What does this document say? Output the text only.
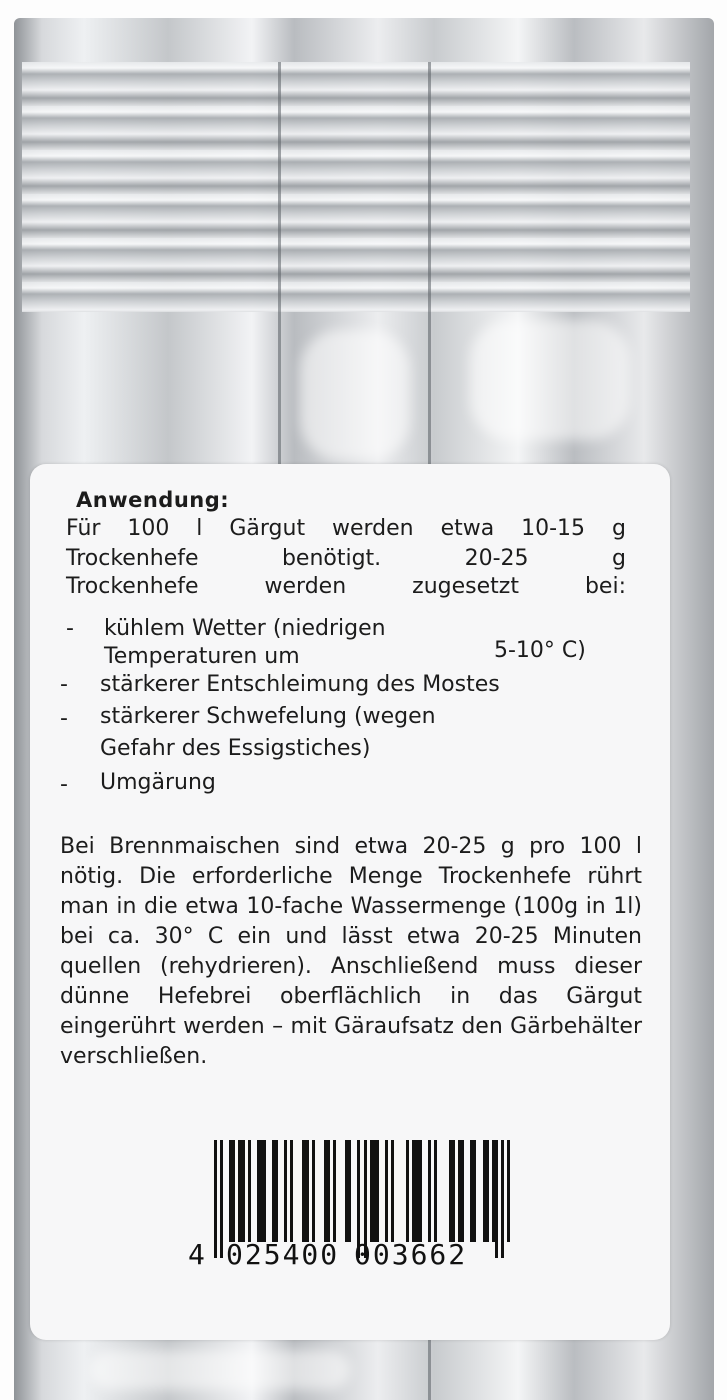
Anwendung:
Für 100 l Gärgut werden etwa 10-15 g
Trockenhefe	benötigt.	20-25	g
Trockenhefe	werden	zugesetzt	bei:
- kühlem Wetter (niedrigen
Temperaturen um	5-10° C)
- stärkerer Entschleimung des Mostes
- stärkerer Schwefelung (wegen
Gefahr des Essigstiches)
- Umgärung
Bei Brennmaischen sind etwa 20-25 g pro 100 l nötig. Die erforderliche Menge Trockenhefe rührt man in die etwa 10-fache Wassermenge (100g in 1l) bei ca. 30° C ein und lässt etwa 20-25 Minuten quellen (rehydrieren). Anschließend muss dieser dünne Hefebrei oberflächlich in das Gärgut eingerührt werden – mit Gäraufsatz den Gärbehälter verschließen.
4 025400 003662
